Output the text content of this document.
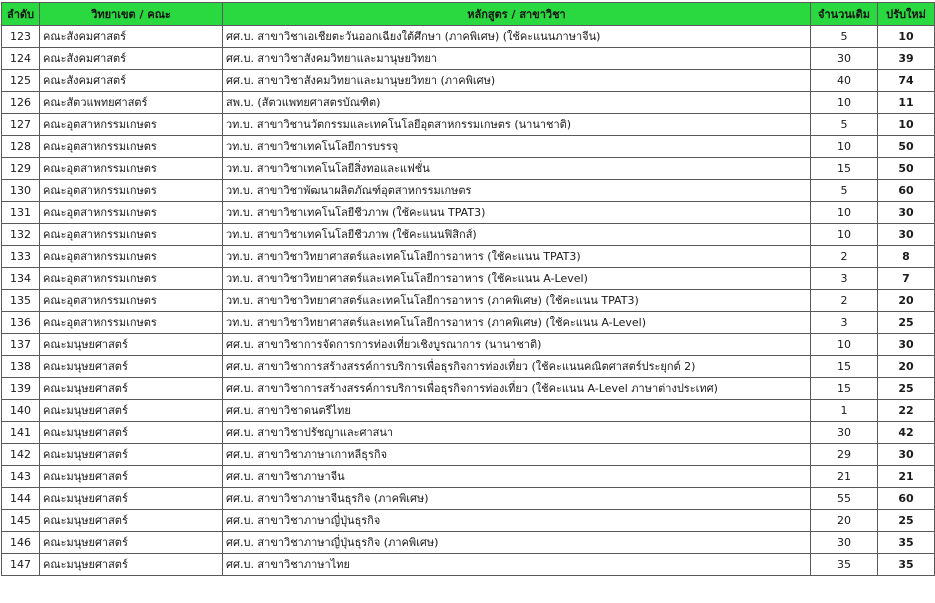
ลำดับ	วิทยาเขต / คณะ	หลักสูตร / สาขาวิชา	จำนวนเดิม	ปรับใหม่
123	คณะสังคมศาสตร์	ศศ.บ. สาขาวิชาเอเชียตะวันออกเฉียงใต้ศึกษา (ภาคพิเศษ) (ใช้คะแนนภาษาจีน)	5	10
124	คณะสังคมศาสตร์	ศศ.บ. สาขาวิชาสังคมวิทยาและมานุษยวิทยา	30	39
125	คณะสังคมศาสตร์	ศศ.บ. สาขาวิชาสังคมวิทยาและมานุษยวิทยา (ภาคพิเศษ)	40	74
126	คณะสัตวแพทยศาสตร์	สพ.บ. (สัตวแพทยศาสตรบัณฑิต)	10	11
127	คณะอุตสาหกรรมเกษตร	วท.บ. สาขาวิชานวัตกรรมและเทคโนโลยีอุตสาหกรรมเกษตร (นานาชาติ)	5	10
128	คณะอุตสาหกรรมเกษตร	วท.บ. สาขาวิชาเทคโนโลยีการบรรจุ	10	50
129	คณะอุตสาหกรรมเกษตร	วท.บ. สาขาวิชาเทคโนโลยีสิ่งทอและแฟชั่น	15	50
130	คณะอุตสาหกรรมเกษตร	วท.บ. สาขาวิชาพัฒนาผลิตภัณฑ์อุตสาหกรรมเกษตร	5	60
131	คณะอุตสาหกรรมเกษตร	วท.บ. สาขาวิชาเทคโนโลยีชีวภาพ (ใช้คะแนน TPAT3)	10	30
132	คณะอุตสาหกรรมเกษตร	วท.บ. สาขาวิชาเทคโนโลยีชีวภาพ (ใช้คะแนนฟิสิกส์)	10	30
133	คณะอุตสาหกรรมเกษตร	วท.บ. สาขาวิชาวิทยาศาสตร์และเทคโนโลยีการอาหาร (ใช้คะแนน TPAT3)	2	8
134	คณะอุตสาหกรรมเกษตร	วท.บ. สาขาวิชาวิทยาศาสตร์และเทคโนโลยีการอาหาร (ใช้คะแนน A-Level)	3	7
135	คณะอุตสาหกรรมเกษตร	วท.บ. สาขาวิชาวิทยาศาสตร์และเทคโนโลยีการอาหาร (ภาคพิเศษ) (ใช้คะแนน TPAT3)	2	20
136	คณะอุตสาหกรรมเกษตร	วท.บ. สาขาวิชาวิทยาศาสตร์และเทคโนโลยีการอาหาร (ภาคพิเศษ) (ใช้คะแนน A-Level)	3	25
137	คณะมนุษยศาสตร์	ศศ.บ. สาขาวิชาการจัดการการท่องเที่ยวเชิงบูรณาการ (นานาชาติ)	10	30
138	คณะมนุษยศาสตร์	ศศ.บ. สาขาวิชาการสร้างสรรค์การบริการเพื่อธุรกิจการท่องเที่ยว (ใช้คะแนนคณิตศาสตร์ประยุกต์ 2)	15	20
139	คณะมนุษยศาสตร์	ศศ.บ. สาขาวิชาการสร้างสรรค์การบริการเพื่อธุรกิจการท่องเที่ยว (ใช้คะแนน A-Level ภาษาต่างประเทศ)	15	25
140	คณะมนุษยศาสตร์	ศศ.บ. สาขาวิชาดนตรีไทย	1	22
141	คณะมนุษยศาสตร์	ศศ.บ. สาขาวิชาปรัชญาและศาสนา	30	42
142	คณะมนุษยศาสตร์	ศศ.บ. สาขาวิชาภาษาเกาหลีธุรกิจ	29	30
143	คณะมนุษยศาสตร์	ศศ.บ. สาขาวิชาภาษาจีน	21	21
144	คณะมนุษยศาสตร์	ศศ.บ. สาขาวิชาภาษาจีนธุรกิจ (ภาคพิเศษ)	55	60
145	คณะมนุษยศาสตร์	ศศ.บ. สาขาวิชาภาษาญี่ปุ่นธุรกิจ	20	25
146	คณะมนุษยศาสตร์	ศศ.บ. สาขาวิชาภาษาญี่ปุ่นธุรกิจ (ภาคพิเศษ)	30	35
147	คณะมนุษยศาสตร์	ศศ.บ. สาขาวิชาภาษาไทย	35	35
